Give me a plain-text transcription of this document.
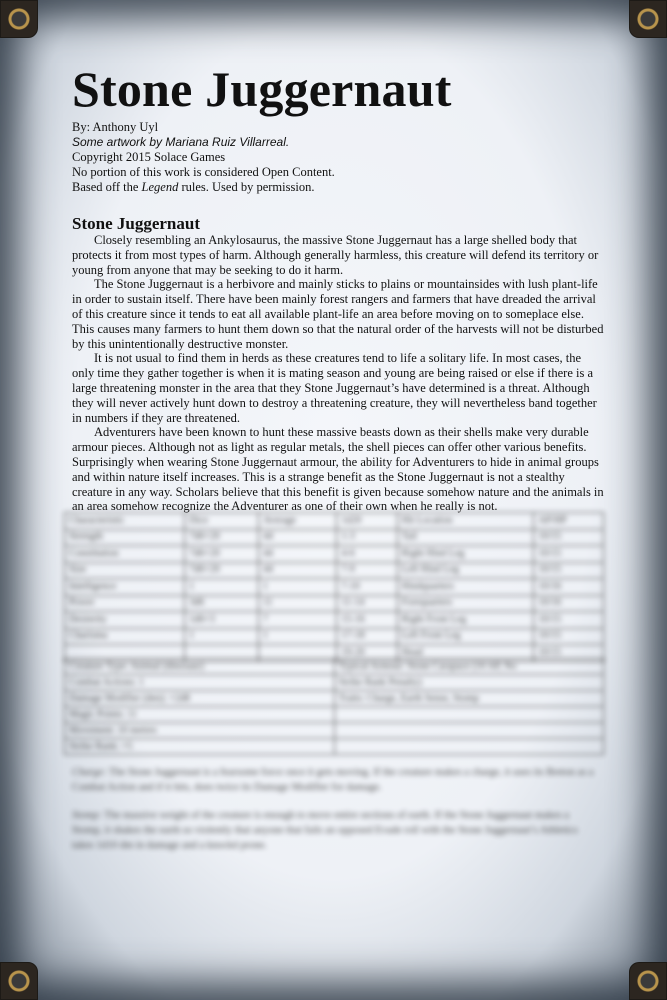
Stone Juggernaut
By: Anthony Uyl
Some artwork by Mariana Ruiz Villarreal.
Copyright 2015 Solace Games
No portion of this work is considered Open Content.
Based off the Legend rules. Used by permission.
Stone Juggernaut

Closely resembling an Ankylosaurus, the massive Stone Juggernaut has a large shelled body that protects it from most types of harm. Although generally harmless, this creature will defend its territory or young from anyone that may be seeking to do it harm.

The Stone Juggernaut is a herbivore and mainly sticks to plains or mountainsides with lush plant-life in order to sustain itself. There have been mainly forest rangers and farmers that have dreaded the arrival of this creature since it tends to eat all available plant-life an area before moving on to someplace else. This causes many farmers to hunt them down so that the natural order of the harvests will not be disturbed by this unintentionally destructive monster.

It is not usual to find them in herds as these creatures tend to life a solitary life. In most cases, the only time they gather together is when it is mating season and young are being raised or else if there is a large threatening monster in the area that they Stone Juggernaut’s have determined is a threat. Although they will never actively hunt down to destroy a threatening creature, they will nevertheless band together in numbers if they are threatened.

Adventurers have been known to hunt these massive beasts down as their shells make very durable armour pieces. Although not as light as regular metals, the shell pieces can offer other various benefits. Surprisingly when wearing Stone Juggernaut armour, the ability for Adventurers to hide in animal groups and within nature itself increases. This is a strange benefit as the Stone Juggernaut is not a stealthy creature in any way. Scholars believe that this benefit is given because somehow nature and the animals in an area somehow recognize the Adventurer as one of their own when he really is not.

Characteristic	Dice	Average	1d20	Hit Location	AP/HP
Strength	7d6+20	44	1-3	Tail	10/15
Constitution	7d6+20	44	4-6	Right Hind Leg	10/15
Size	7d6+20	44	7-9	Left Hind Leg	10/15
Intelligence	1	1	7-10	Hindquarters	10/16
Power	3d6	11	11-14	Forequarters	10/16
Dexterity	1d6+3	7	15-16	Right Front Leg	10/15
Charisma	1	1	17-18	Left Front Leg	10/15
			19-20	Head	10/15
Creature Type: Animal (dinosaur)	Typical Armour: Stone Carapace (10 AP, No
Combat Actions: 1	Strike Rank Penalty)
Damage Modifier (den): +2d8	Traits: Charge, Earth Sense, Stomp
Magic Points: 11	
Movement: 10 metres	
Strike Rank: +5	
Charge: The Stone Juggernaut is a fearsome force once it gets moving. If the creature makes a charge, it uses its Breton as a Combat Action and if it hits, does twice its Damage Modifier for damage.
Stomp: The massive weight of the creature is enough to move entire sections of earth. If the Stone Juggernaut makes a Stomp, it shakes the earth so violently that anyone that fails an opposed Evade roll with the Stone Juggernaut’s Athletics takes 1d10 dm in damage and a knockd prone.
